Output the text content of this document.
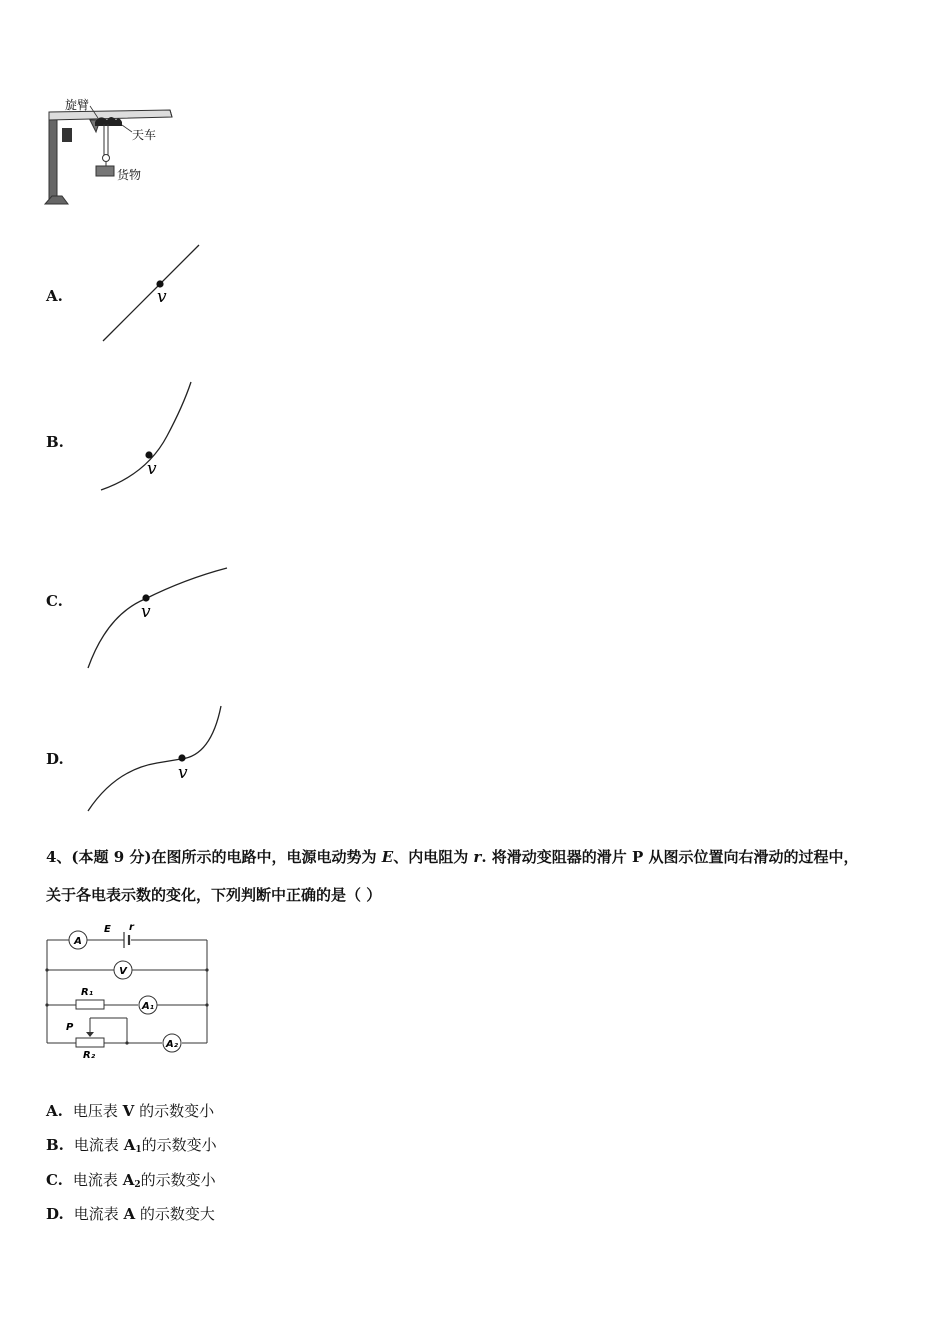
旋臂
天车
货物
A.	v
B.
v
C.
v
D.
v
4、(本题 9 分)在图所示的电路中，电源电动势为 E、内电阻为 r. 将滑动变阻器的滑片 P 从图示位置向右滑动的过程中，
关于各电表示数的变化，下列判断中正确的是（ ）
A
V
A₁
A₂
E r
R₁
P
R₂
A. 电压表 V 的示数变小
B. 电流表 $A_1$的示数变小
C. 电流表 $A_2$的示数变小
D. 电流表 A 的示数变大
